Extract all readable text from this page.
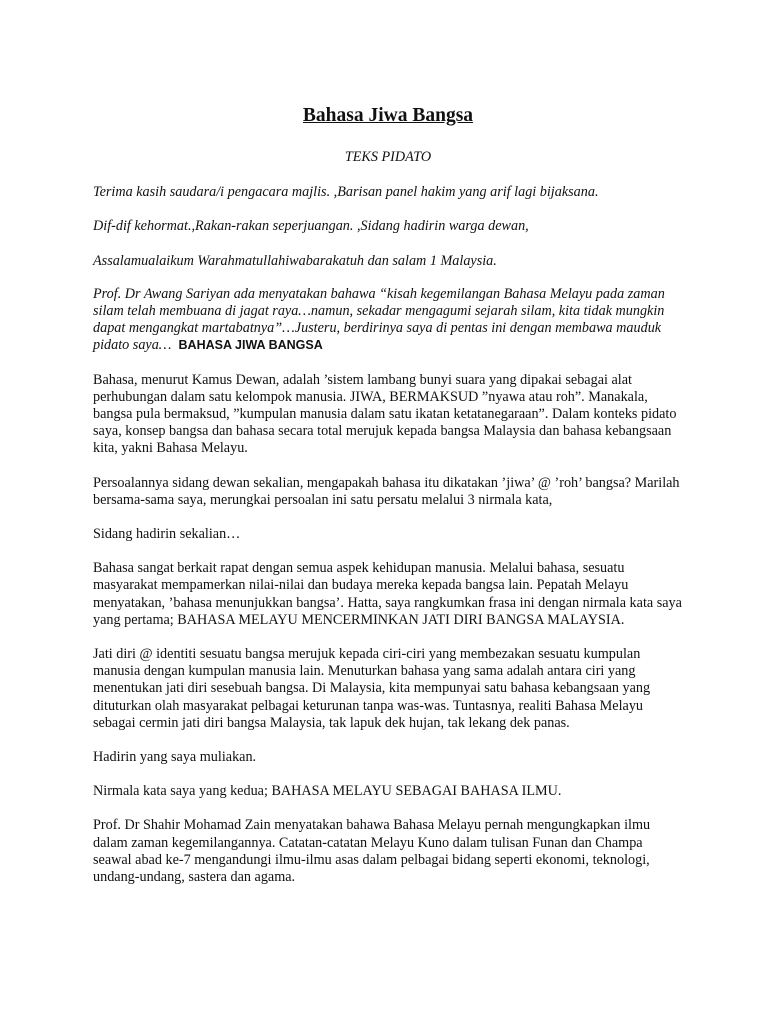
Bahasa Jiwa Bangsa
TEKS PIDATO

Terima kasih saudara/i pengacara majlis. ,Barisan panel hakim yang arif lagi bijaksana.

Dif-dif kehormat.,Rakan-rakan seperjuangan. ,Sidang hadirin warga dewan,

Assalamualaikum Warahmatullahiwabarakatuh dan salam 1 Malaysia.

Prof. Dr Awang Sariyan ada menyatakan bahawa “kisah kegemilangan Bahasa Melayu pada zaman silam telah membuana di jagat raya…namun, sekadar mengagumi sejarah silam, kita tidak mungkin dapat mengangkat martabatnya”…Justeru, berdirinya saya di pentas ini dengan membawa mauduk pidato saya… BAHASA JIWA BANGSA

Bahasa, menurut Kamus Dewan, adalah ’sistem lambang bunyi suara yang dipakai sebagai alat perhubungan dalam satu kelompok manusia. JIWA, BERMAKSUD ”nyawa atau roh”. Manakala, bangsa pula bermaksud, ”kumpulan manusia dalam satu ikatan ketatanegaraan”. Dalam konteks pidato saya, konsep bangsa dan bahasa secara total merujuk kepada bangsa Malaysia dan bahasa kebangsaan kita, yakni Bahasa Melayu.

Persoalannya sidang dewan sekalian, mengapakah bahasa itu dikatakan ’jiwa’ @ ’roh’ bangsa? Marilah bersama-sama saya, merungkai persoalan ini satu persatu melalui 3 nirmala kata,

Sidang hadirin sekalian…

Bahasa sangat berkait rapat dengan semua aspek kehidupan manusia. Melalui bahasa, sesuatu masyarakat mempamerkan nilai-nilai dan budaya mereka kepada bangsa lain. Pepatah Melayu menyatakan, ’bahasa menunjukkan bangsa’. Hatta, saya rangkumkan frasa ini dengan nirmala kata saya yang pertama; BAHASA MELAYU MENCERMINKAN JATI DIRI BANGSA MALAYSIA.

Jati diri @ identiti sesuatu bangsa merujuk kepada ciri-ciri yang membezakan sesuatu kumpulan manusia dengan kumpulan manusia lain. Menuturkan bahasa yang sama adalah antara ciri yang menentukan jati diri sesebuah bangsa. Di Malaysia, kita mempunyai satu bahasa kebangsaan yang dituturkan olah masyarakat pelbagai keturunan tanpa was-was. Tuntasnya, realiti Bahasa Melayu sebagai cermin jati diri bangsa Malaysia, tak lapuk dek hujan, tak lekang dek panas.

Hadirin yang saya muliakan.

Nirmala kata saya yang kedua; BAHASA MELAYU SEBAGAI BAHASA ILMU.

Prof. Dr Shahir Mohamad Zain menyatakan bahawa Bahasa Melayu pernah mengungkapkan ilmu dalam zaman kegemilangannya. Catatan-catatan Melayu Kuno dalam tulisan Funan dan Champa seawal abad ke-7 mengandungi ilmu-ilmu asas dalam pelbagai bidang seperti ekonomi, teknologi, undang-undang, sastera dan agama.
